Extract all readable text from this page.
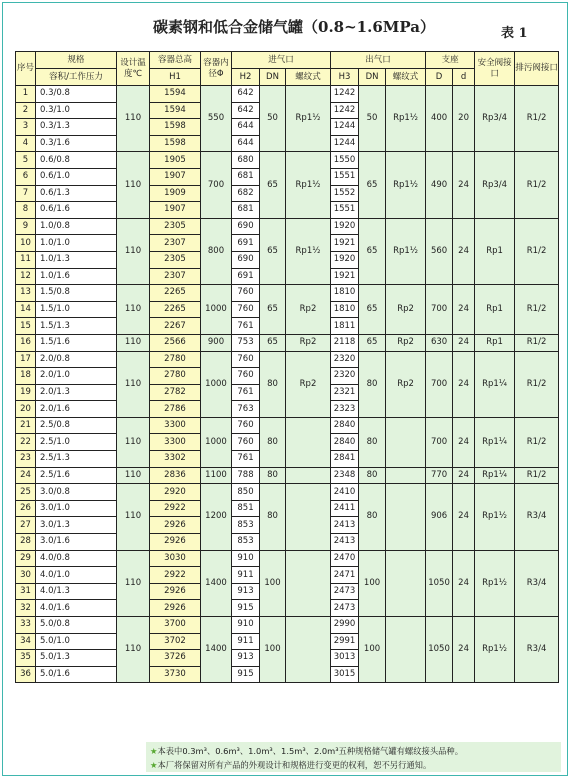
碳素钢和低合金储气罐（0.8~1.6MPa）	表 1
序号	规格	设计温度℃	容器总高	容器内径Φ	进气口			出气口			支座		安全阀接口	排污阀接口
	容积/工作压力		H1		H2	DN	螺纹式	H3	DN	螺纹式	D	d		
1	0.3/0.8	110	1594	550	642	50	Rp1½	1242	50	Rp1½	400	20	Rp3/4	R1/2
2	0.3/1.0		1594		642			1242						
3	0.3/1.3		1598		644			1244						
4	0.3/1.6		1598		644			1244						
5	0.6/0.8	110	1905	700	680	65	Rp1½	1550	65	Rp1½	490	24	Rp3/4	R1/2
6	0.6/1.0		1907		681			1551						
7	0.6/1.3		1909		682			1552						
8	0.6/1.6		1907		681			1551						
9	1.0/0.8	110	2305	800	690	65	Rp1½	1920	65	Rp1½	560	24	Rp1	R1/2
10	1.0/1.0		2307		691			1921						
11	1.0/1.3		2305		690			1920						
12	1.0/1.6		2307		691			1921						
13	1.5/0.8	110	2265	1000	760	65	Rp2	1810	65	Rp2	700	24	Rp1	R1/2
14	1.5/1.0		2265		760			1810						
15	1.5/1.3		2267		761			1811						
16	1.5/1.6	110	2566	900	753	65	Rp2	2118	65	Rp2	630	24	Rp1	R1/2
17	2.0/0.8	110	2780	1000	760	80	Rp2	2320	80	Rp2	700	24	Rp1¼	R1/2
18	2.0/1.0		2780		760			2320						
19	2.0/1.3		2782		761			2321						
20	2.0/1.6		2786		763			2323						
21	2.5/0.8	110	3300	1000	760	80		2840	80		700	24	Rp1¼	R1/2
22	2.5/1.0		3300		760			2840						
23	2.5/1.3		3302		761			2841						
24	2.5/1.6	110	2836	1100	788	80		2348	80		770	24	Rp1¼	R1/2
25	3.0/0.8	110	2920	1200	850	80		2410	80		906	24	Rp1½	R3/4
26	3.0/1.0		2922		851			2411						
27	3.0/1.3		2926		853			2413						
28	3.0/1.6		2926		853			2413						
29	4.0/0.8	110	3030	1400	910	100		2470	100		1050	24	Rp1½	R3/4
30	4.0/1.0		2922		911			2471						
31	4.0/1.3		2926		913			2473						
32	4.0/1.6		2926		915			2473						
33	5.0/0.8	110	3700	1400	910	100		2990	100		1050	24	Rp1½	R3/4
34	5.0/1.0		3702		911			2991						
35	5.0/1.3		3726		913			3013						
36	5.0/1.6		3730		915			3015						
★本表中0.3m³、0.6m³、1.0m³、1.5m³、2.0m³五种规格储气罐有螺纹接头品种。
★本厂将保留对所有产品的外观设计和规格进行变更的权利，恕不另行通知。
